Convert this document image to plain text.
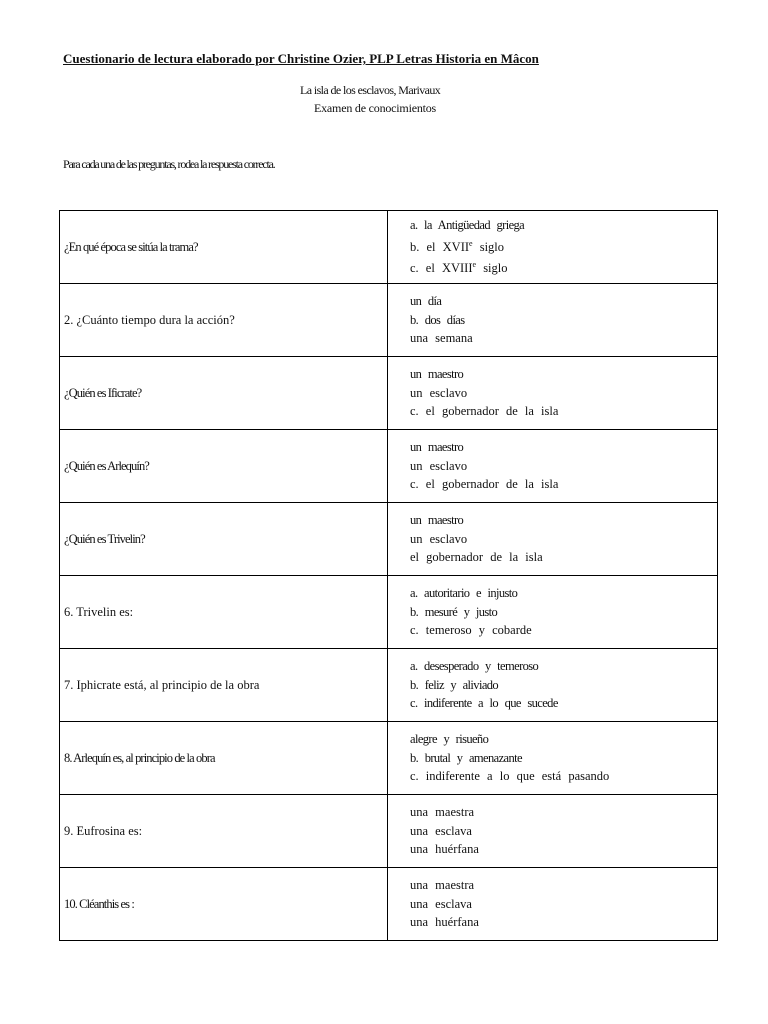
Cuestionario de lectura elaborado por Christine Ozier, PLP Letras Historia en Mâcon
La isla de los esclavos, Marivaux
Examen de conocimientos
Para cada una de las preguntas, rodea la respuesta correcta.
¿En qué época se sitúa la trama?	a. la Antigüedad griega
b. el XVIIe siglo
c. el XVIIIe siglo

2. ¿Cuánto tiempo dura la acción?	un día
b. dos días
una semana

¿Quién es Ificrate?	un maestro
un esclavo
c. el gobernador de la isla

¿Quién es Arlequín?	un maestro
un esclavo
c. el gobernador de la isla

¿Quién es Trivelin?	un maestro
un esclavo
el gobernador de la isla

6. Trivelin es:	a. autoritario e injusto
b. mesuré y justo
c. temeroso y cobarde

7. Iphicrate está, al principio de la obra	a. desesperado y temeroso
b. feliz y aliviado
c. indiferente a lo que sucede

8. Arlequín es, al principio de la obra	alegre y risueño
b. brutal y amenazante
c. indiferente a lo que está pasando

9. Eufrosina es:	una maestra
una esclava
una huérfana

10. Cléanthis es :	una maestra
una esclava
una huérfana
